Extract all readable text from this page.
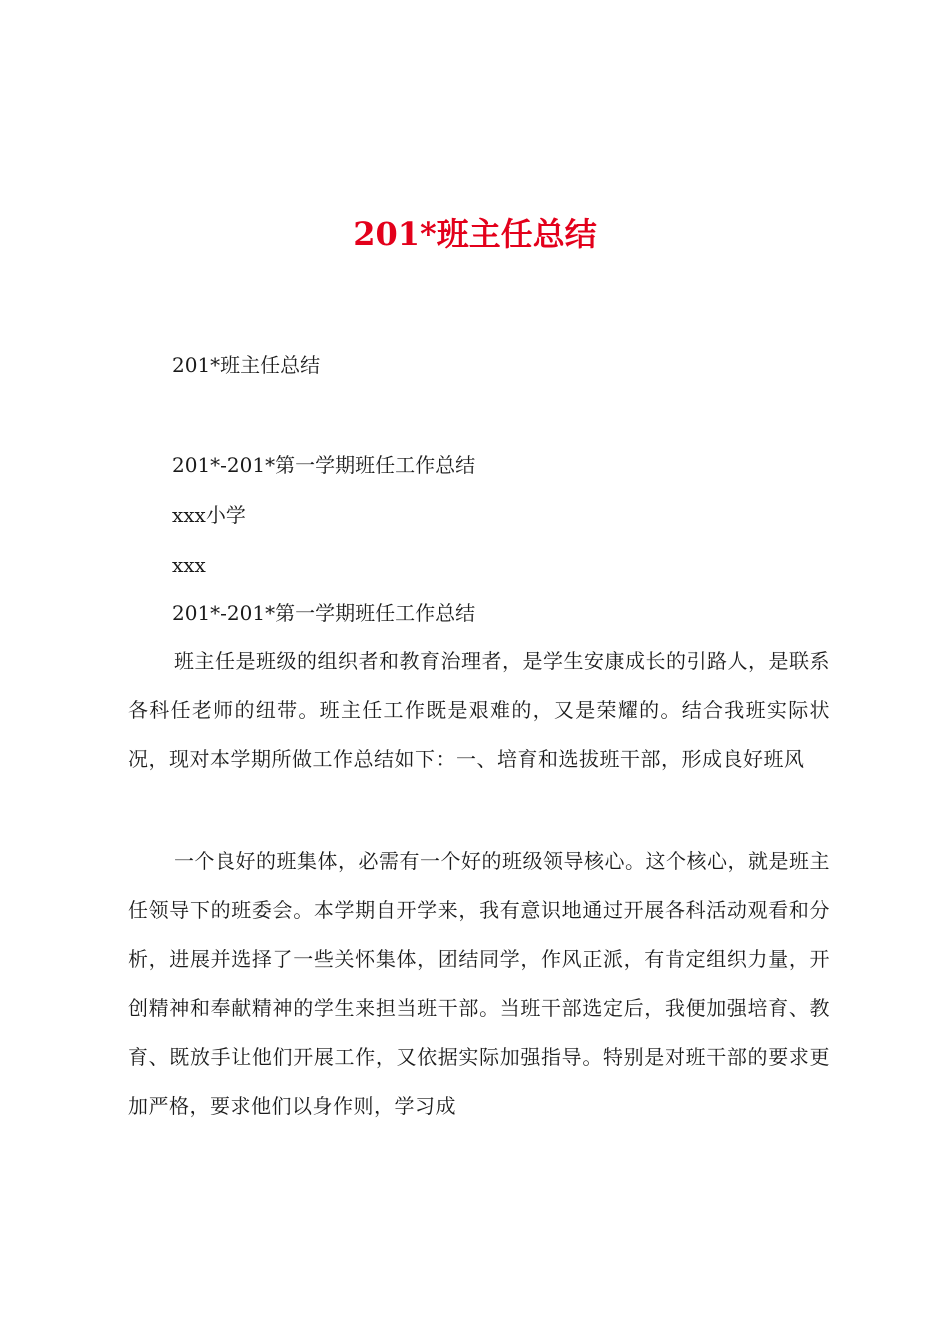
201*班主任总结

201*班主任总结

201*-201*第一学期班任工作总结

xxx小学

xxx

201*-201*第一学期班任工作总结

班主任是班级的组织者和教育治理者，是学生安康成长的引路人，是联系各科任老师的纽带。班主任工作既是艰难的，又是荣耀的。结合我班实际状况，现对本学期所做工作总结如下：一、培育和选拔班干部，形成良好班风

一个良好的班集体，必需有一个好的班级领导核心。这个核心，就是班主任领导下的班委会。本学期自开学来，我有意识地通过开展各科活动观看和分析，进展并选择了一些关怀集体，团结同学，作风正派，有肯定组织力量，开创精神和奉献精神的学生来担当班干部。当班干部选定后，我便加强培育、教育、既放手让他们开展工作，又依据实际加强指导。特别是对班干部的要求更加严格，要求他们以身作则，学习成
